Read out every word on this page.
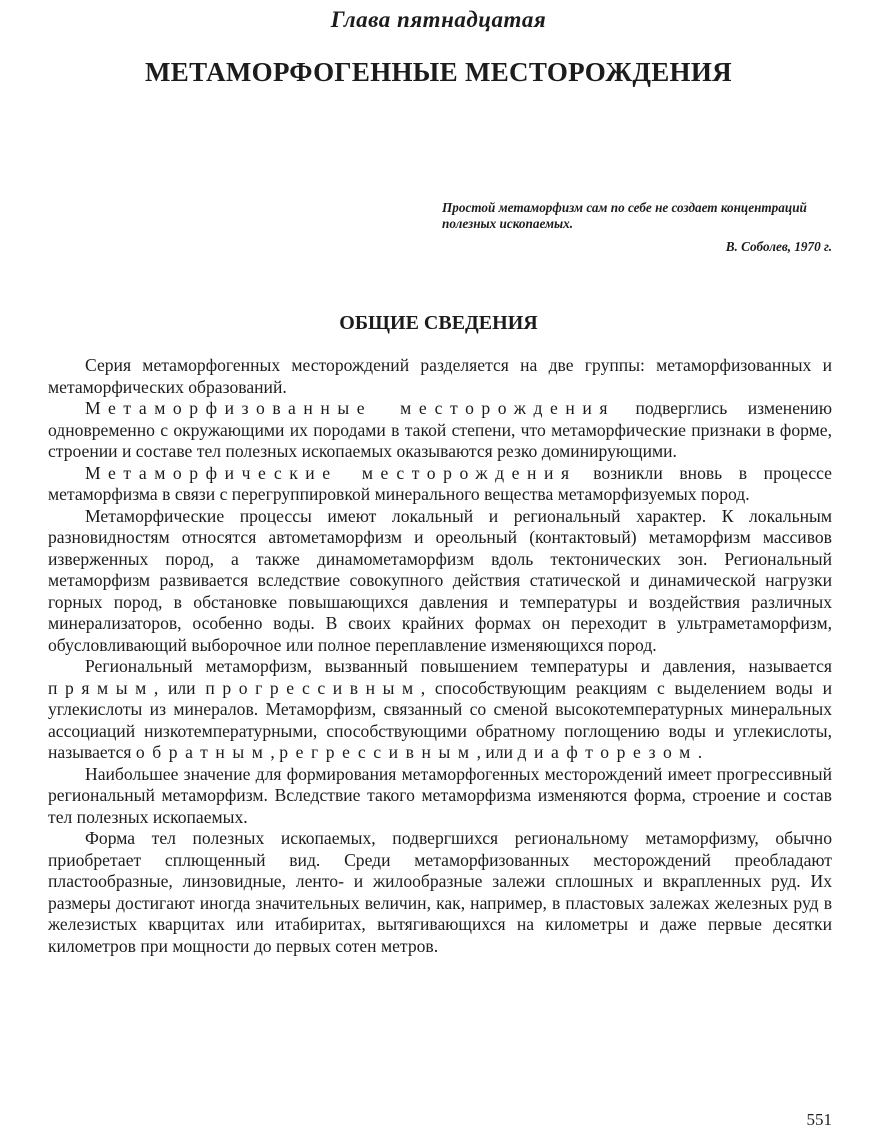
Глава пятнадцатая
МЕТАМОРФОГЕННЫЕ МЕСТОРОЖДЕНИЯ
Простой метаморфизм сам по себе не создает концентраций полезных ископаемых.
В. Соболев, 1970 г.
ОБЩИЕ СВЕДЕНИЯ

Серия метаморфогенных месторождений разделяется на две группы: метаморфизованных и метаморфических образований.

Метаморфизованные месторождения подверглись изменению одновременно с окружающими их породами в такой степени, что метаморфические признаки в форме, строении и составе тел полезных ископаемых оказываются резко доминирующими.

Метаморфические месторождения возникли вновь в процессе метаморфизма в связи с перегруппировкой минерального вещества метаморфизуемых пород.

Метаморфические процессы имеют локальный и региональный характер. К локальным разновидностям относятся автометаморфизм и ореольный (контактовый) метаморфизм массивов изверженных пород, а также динамометаморфизм вдоль тектонических зон. Региональный метаморфизм развивается вследствие совокупного действия статической и динамической нагрузки горных пород, в обстановке повышающихся давления и температуры и воздействия различных минерализаторов, особенно воды. В своих крайних формах он переходит в ультраметаморфизм, обусловливающий выборочное или полное переплавление изменяющихся пород.

Региональный метаморфизм, вызванный повышением температуры и давления, называется прямым, или прогрессивным, способствующим реакциям с выделением воды и углекислоты из минералов. Метаморфизм, связанный со сменой высокотемпературных минеральных ассоциаций низкотемпературными, способствующими обратному поглощению воды и углекислоты, называется обратным, регрессивным, или диафторезом.

Наибольшее значение для формирования метаморфогенных месторождений имеет прогрессивный региональный метаморфизм. Вследствие такого метаморфизма изменяются форма, строение и состав тел полезных ископаемых.

Форма тел полезных ископаемых, подвергшихся региональному метаморфизму, обычно приобретает сплющенный вид. Среди метаморфизованных месторождений преобладают пластообразные, линзовидные, ленто- и жилообразные залежи сплошных и вкрапленных руд. Их размеры достигают иногда значительных величин, как, например, в пластовых залежах железных руд в железистых кварцитах или итабиритах, вытягивающихся на километры и даже первые десятки километров при мощности до первых сотен метров.

551
